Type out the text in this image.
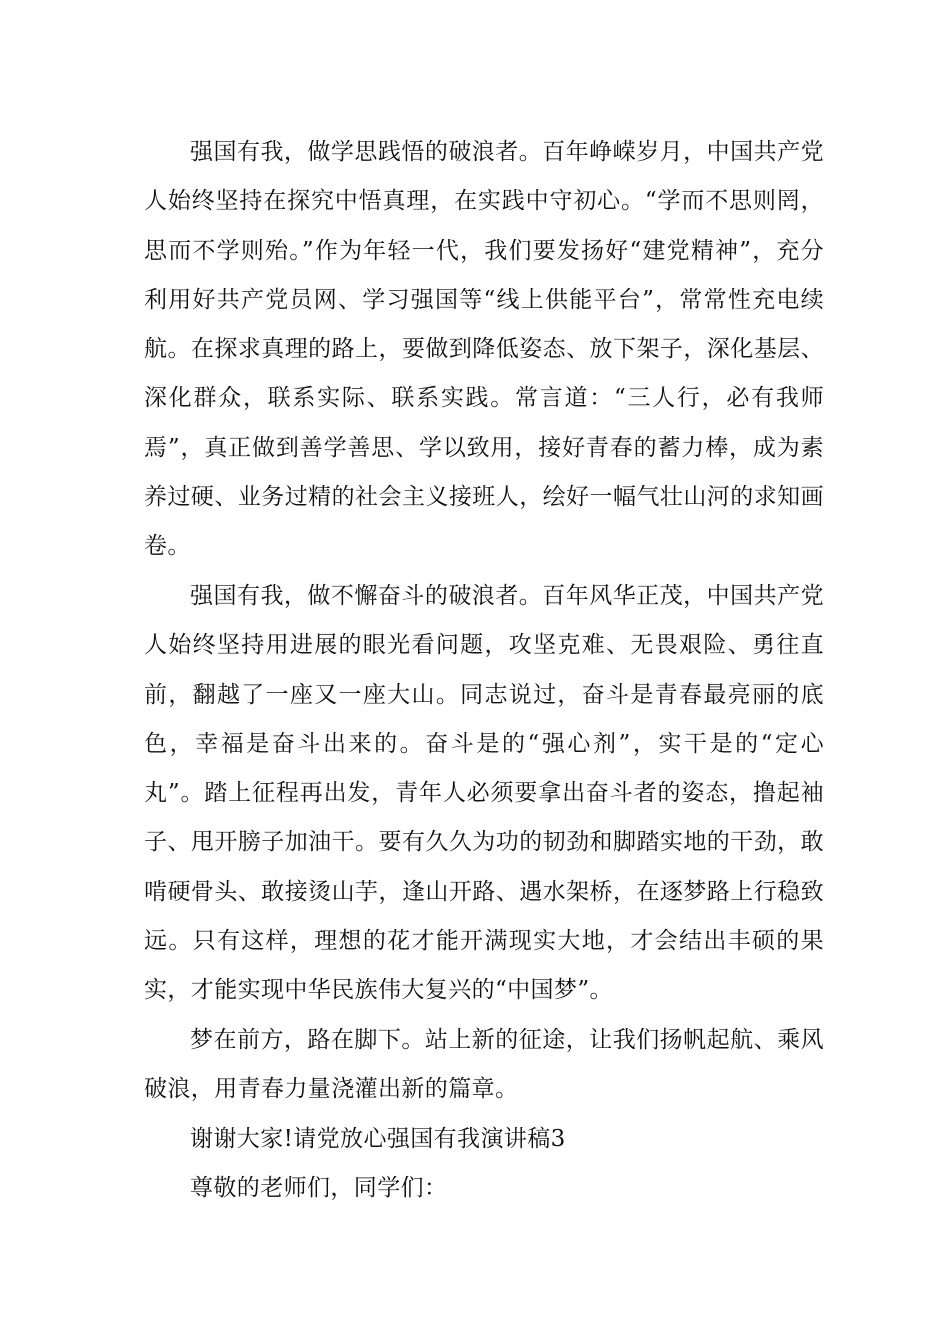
强国有我，做学思践悟的破浪者。百年峥嵘岁月，中国共产党人始终坚持在探究中悟真理，在实践中守初心。“学而不思则罔，思而不学则殆。”作为年轻一代，我们要发扬好“建党精神”，充分利用好共产党员网、学习强国等“线上供能平台”，常常性充电续航。在探求真理的路上，要做到降低姿态、放下架子，深化基层、深化群众，联系实际、联系实践。常言道：“三人行，必有我师焉”，真正做到善学善思、学以致用，接好青春的蓄力棒，成为素养过硬、业务过精的社会主义接班人，绘好一幅气壮山河的求知画卷。

强国有我，做不懈奋斗的破浪者。百年风华正茂，中国共产党人始终坚持用进展的眼光看问题，攻坚克难、无畏艰险、勇往直前，翻越了一座又一座大山。同志说过，奋斗是青春最亮丽的底色，幸福是奋斗出来的。奋斗是的“强心剂”，实干是的“定心丸”。踏上征程再出发，青年人必须要拿出奋斗者的姿态，撸起袖子、甩开膀子加油干。要有久久为功的韧劲和脚踏实地的干劲，敢啃硬骨头、敢接烫山芋，逢山开路、遇水架桥，在逐梦路上行稳致远。只有这样，理想的花才能开满现实大地，才会结出丰硕的果实，才能实现中华民族伟大复兴的“中国梦”。

梦在前方，路在脚下。站上新的征途，让我们扬帆起航、乘风破浪，用青春力量浇灌出新的篇章。

谢谢大家!请党放心强国有我演讲稿3

尊敬的老师们，同学们：
